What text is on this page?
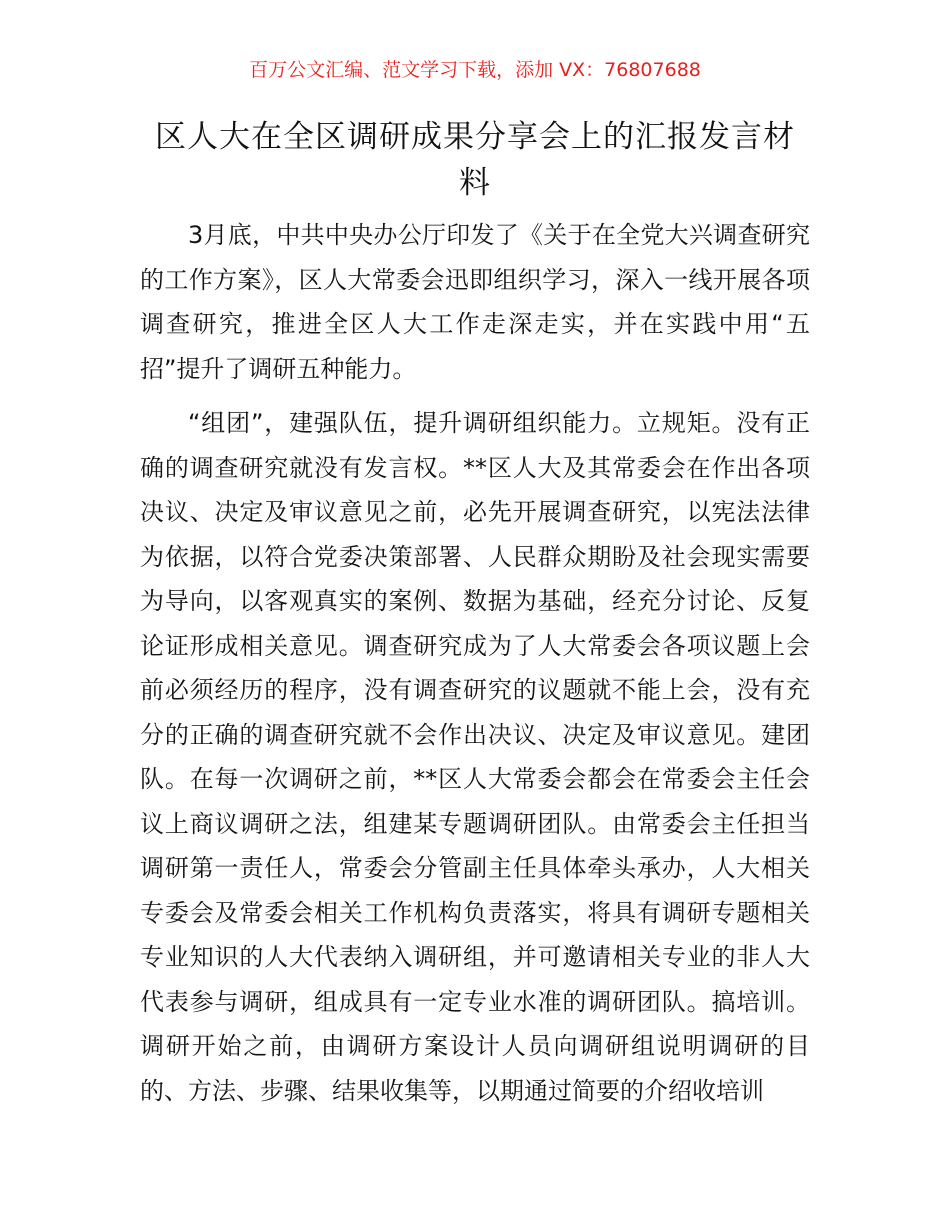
百万公文汇编、范文学习下载，添加 VX：76807688
区人大在全区调研成果分享会上的汇报发言材料

3月底，中共中央办公厅印发了《关于在全党大兴调查研究的工作方案》，区人大常委会迅即组织学习，深入一线开展各项调查研究，推进全区人大工作走深走实，并在实践中用“五招”提升了调研五种能力。

“组团”，建强队伍，提升调研组织能力。立规矩。没有正确的调查研究就没有发言权。**区人大及其常委会在作出各项决议、决定及审议意见之前，必先开展调查研究，以宪法法律为依据，以符合党委决策部署、人民群众期盼及社会现实需要为导向，以客观真实的案例、数据为基础，经充分讨论、反复论证形成相关意见。调查研究成为了人大常委会各项议题上会前必须经历的程序，没有调查研究的议题就不能上会，没有充分的正确的调查研究就不会作出决议、决定及审议意见。建团队。在每一次调研之前，**区人大常委会都会在常委会主任会议上商议调研之法，组建某专题调研团队。由常委会主任担当调研第一责任人，常委会分管副主任具体牵头承办，人大相关专委会及常委会相关工作机构负责落实，将具有调研专题相关专业知识的人大代表纳入调研组，并可邀请相关专业的非人大代表参与调研，组成具有一定专业水准的调研团队。搞培训。调研开始之前，由调研方案设计人员向调研组说明调研的目的、方法、步骤、结果收集等，以期通过简要的介绍收培训
